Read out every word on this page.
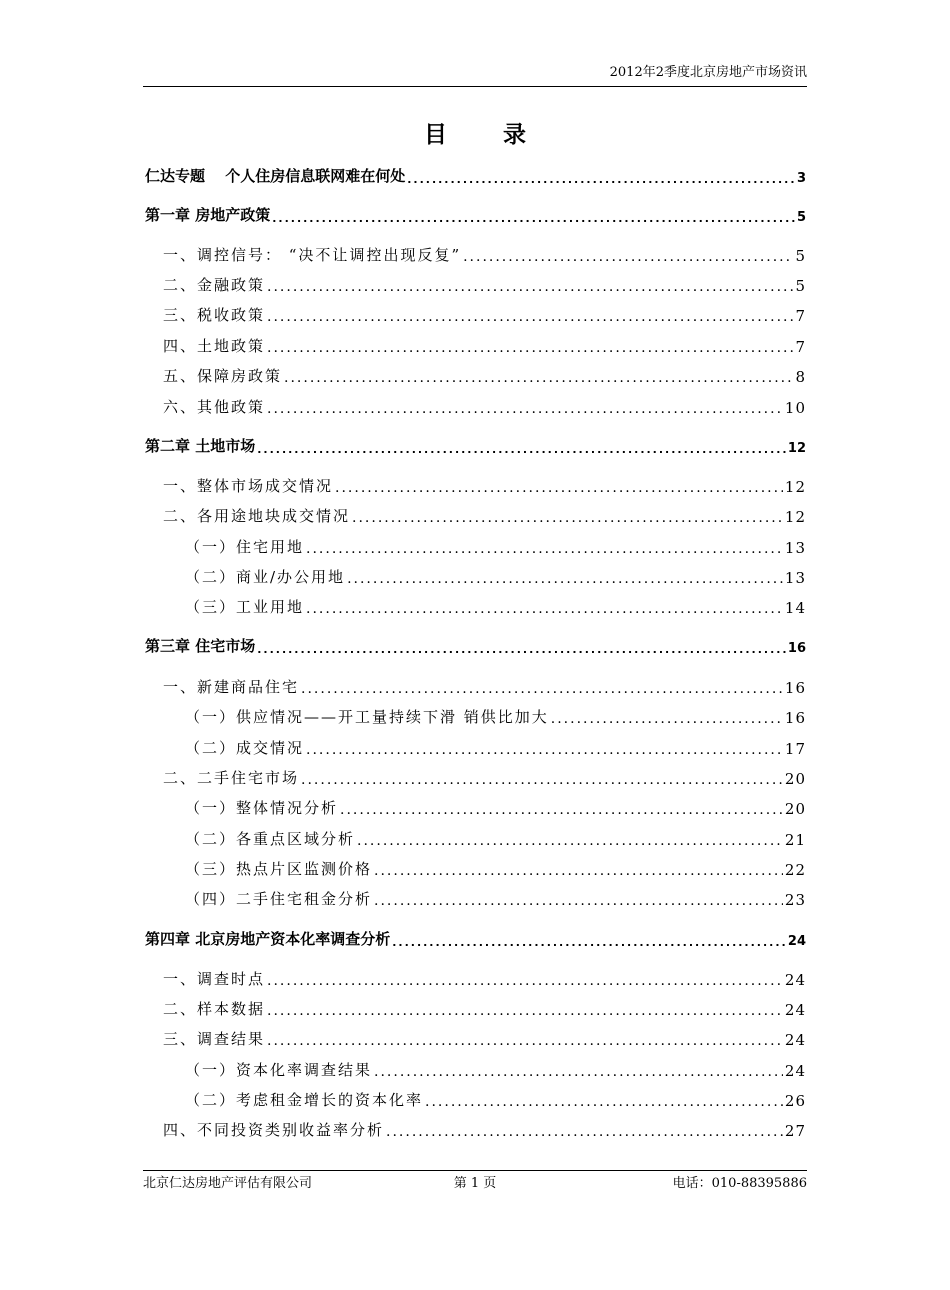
2012年2季度北京房地产市场资讯
目 录
仁达专题　 个人住房信息联网难在何处 .....	3
第一章 房地产政策 .....	5
一、调控信号： “决不让调控出现反复” .....	5
二、金融政策 .....	5
三、税收政策 .....	7
四、土地政策 .....	7
五、保障房政策 .....	8
六、其他政策 .....	10
第二章 土地市场 .....	12
一、整体市场成交情况 .....	12
二、各用途地块成交情况 .....	12
（一）住宅用地 .....	13
（二）商业/办公用地 .....	13
（三）工业用地 .....	14
第三章 住宅市场 .....	16
一、新建商品住宅 .....	16
（一）供应情况——开工量持续下滑 销供比加大 .....	16
（二）成交情况 .....	17
二、二手住宅市场 .....	20
（一）整体情况分析 .....	20
（二）各重点区域分析 .....	21
（三）热点片区监测价格 .....	22
（四）二手住宅租金分析 .....	23
第四章 北京房地产资本化率调查分析 .....	24
一、调查时点 .....	24
二、样本数据 .....	24
三、调查结果 .....	24
（一）资本化率调查结果 .....	24
（二）考虑租金增长的资本化率 .....	26
四、不同投资类别收益率分析 .....	27
北京仁达房地产评估有限公司	第 1 页	电话：010-88395886
